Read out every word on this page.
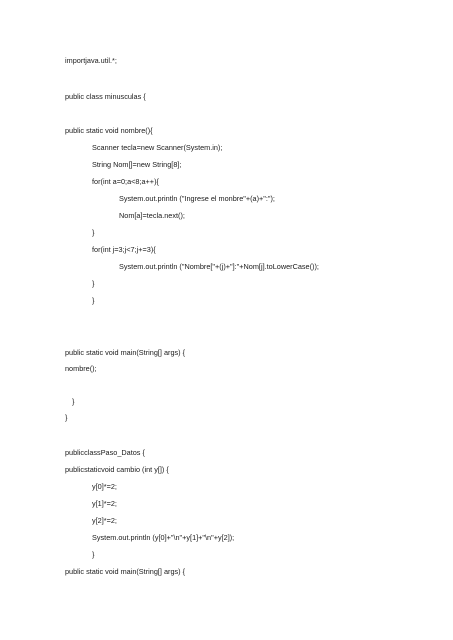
importjava.util.*;
public class minusculas {
public static void nombre(){
Scanner tecla=new Scanner(System.in);
String Nom[]=new String[8];
for(int a=0;a<8;a++){
System.out.println ("Ingrese el monbre"+(a)+":");
Nom[a]=tecla.next();
}
for(int j=3;j<7;j+=3){
System.out.println ("Nombre["+(j)+"]:"+Nom[j].toLowerCase());
}
}
public static void main(String[] args) {
nombre();
}
}
publicclassPaso_Datos {
publicstaticvoid cambio (int y[]) {
y[0]*=2;
y[1]*=2;
y[2]*=2;
System.out.println (y[0]+"\n"+y[1]+"\n"+y[2]);
}
public static void main(String[] args) {
